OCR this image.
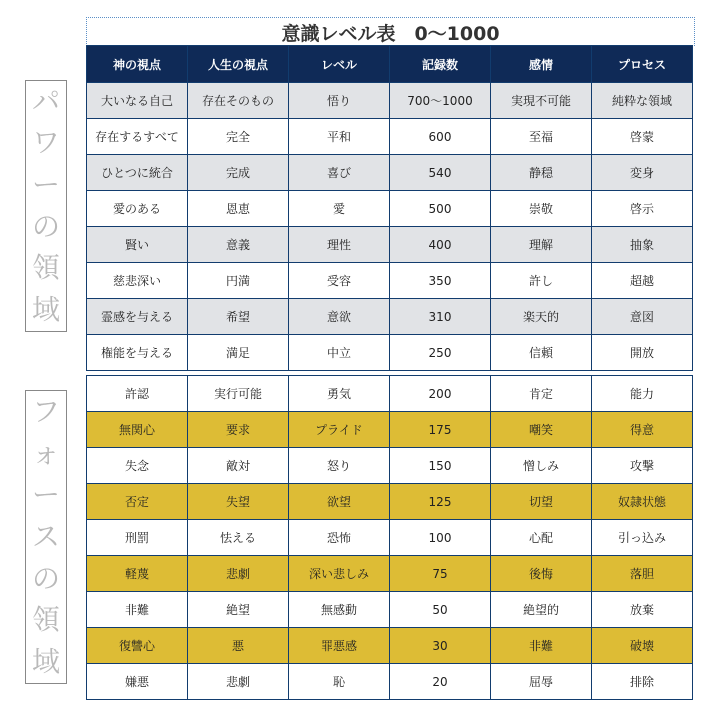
意識レベル表　0〜1000
パ
ワ
ー
の
領
域
フ
ォ
ー
ス
の
領
域
神の視点	人生の視点	レベル	記録数	感情	プロセス
大いなる自己	存在そのもの	悟り	700〜1000	実現不可能	純粋な領域
存在するすべて	完全	平和	600	至福	啓蒙
ひとつに統合	完成	喜び	540	静穏	変身
愛のある	恩恵	愛	500	崇敬	啓示
賢い	意義	理性	400	理解	抽象
慈悲深い	円満	受容	350	許し	超越
霊感を与える	希望	意欲	310	楽天的	意図
権能を与える	満足	中立	250	信頼	開放
許認	実行可能	勇気	200	肯定	能力
無関心	要求	プライド	175	嘲笑	得意
失念	敵対	怒り	150	憎しみ	攻撃
否定	失望	欲望	125	切望	奴隷状態
刑罰	怯える	恐怖	100	心配	引っ込み
軽蔑	悲劇	深い悲しみ	75	後悔	落胆
非難	絶望	無感動	50	絶望的	放棄
復讐心	悪	罪悪感	30	非難	破壊
嫌悪	悲劇	恥	20	屈辱	排除
